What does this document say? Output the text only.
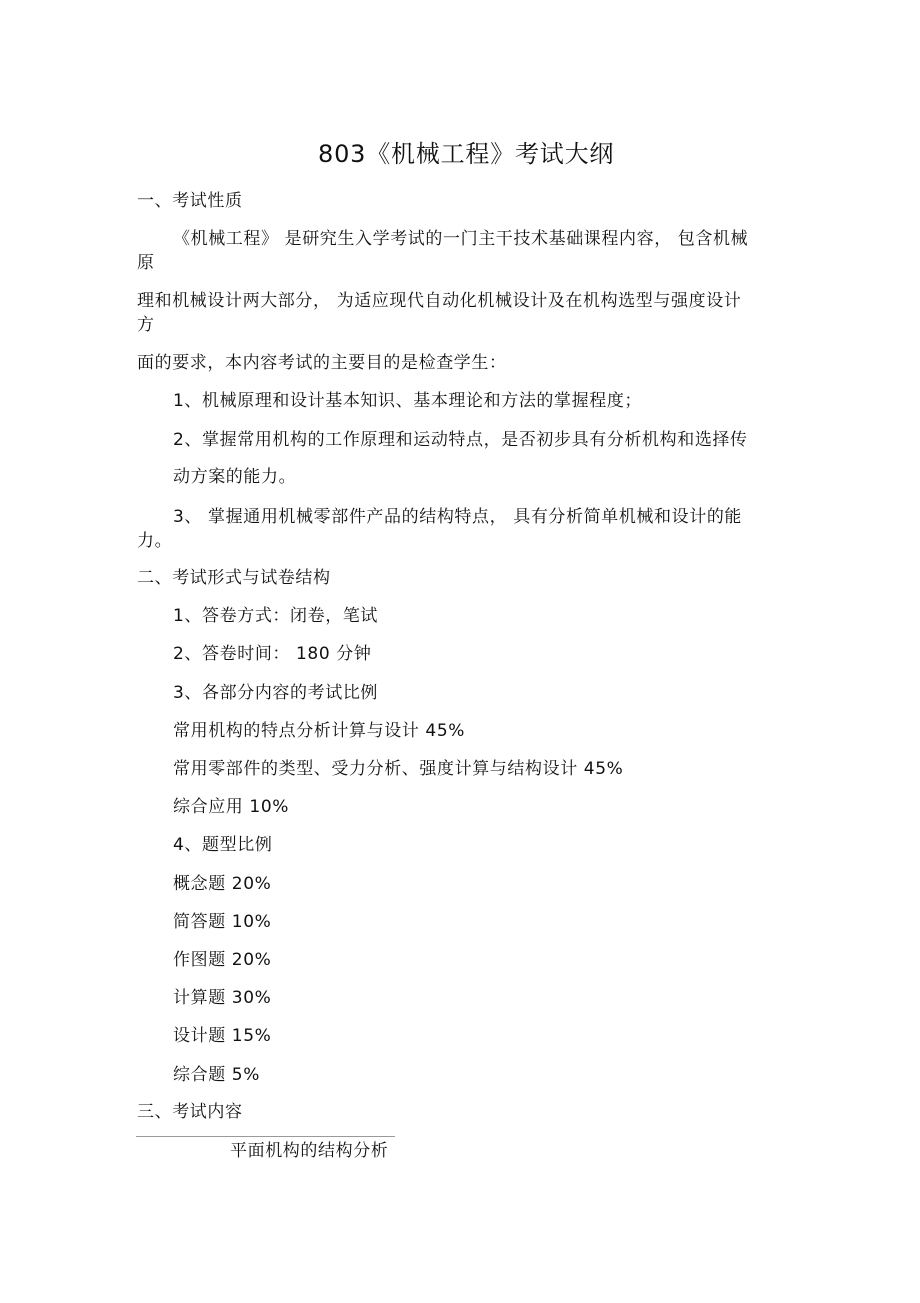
803《机械工程》考试大纲
一、考试性质
《机械工程》 是研究生入学考试的一门主干技术基础课程内容， 包含机械
原
理和机械设计两大部分， 为适应现代自动化机械设计及在机构选型与强度设计
方
面的要求，本内容考试的主要目的是检查学生：
1、机械原理和设计基本知识、基本理论和方法的掌握程度；
2、掌握常用机构的工作原理和运动特点，是否初步具有分析机构和选择传
动方案的能力。
3、 掌握通用机械零部件产品的结构特点， 具有分析简单机械和设计的能
力。
二、考试形式与试卷结构
1、答卷方式：闭卷，笔试
2、答卷时间： 180 分钟
3、各部分内容的考试比例
常用机构的特点分析计算与设计 45%
常用零部件的类型、受力分析、强度计算与结构设计 45%
综合应用 10%
4、题型比例
概念题 20%
简答题 10%
作图题 20%
计算题 30%
设计题 15%
综合题 5%
三、考试内容
平面机构的结构分析
